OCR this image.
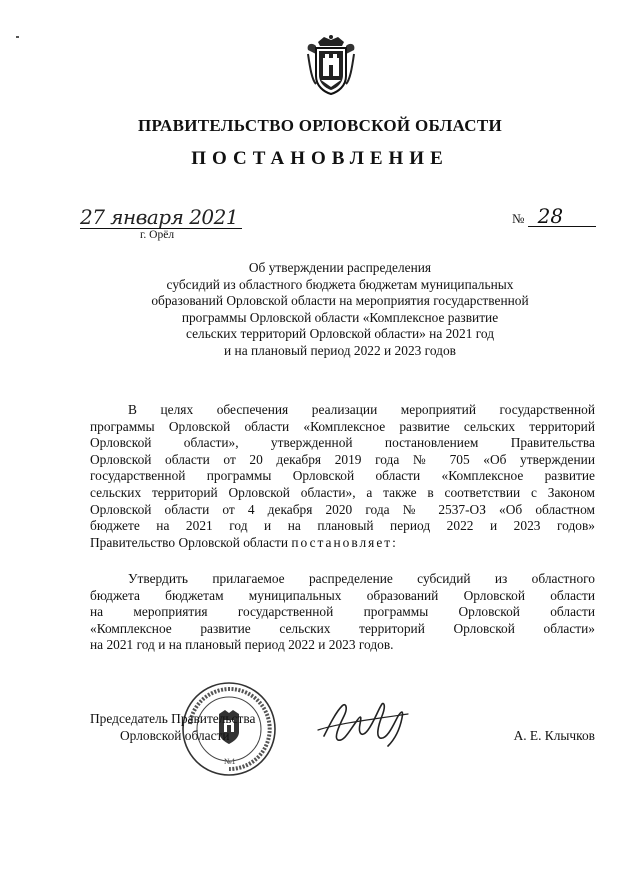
ПРАВИТЕЛЬСТВО ОРЛОВСКОЙ ОБЛАСТИ
ПОСТАНОВЛЕНИЕ
27 января 2021
г. Орёл
№ 28
Об утверждении распределения
субсидий из областного бюджета бюджетам муниципальных
образований Орловской области на мероприятия государственной
программы Орловской области «Комплексное развитие
сельских территорий Орловской области» на 2021 год
и на плановый период 2022 и 2023 годов
В целях обеспечения реализации мероприятий государственной
программы Орловской области «Комплексное развитие сельских территорий
Орловской области», утвержденной постановлением Правительства
Орловской области от 20 декабря 2019 года № 705 «Об утверждении
государственной программы Орловской области «Комплексное развитие
сельских территорий Орловской области», а также в соответствии с Законом
Орловской области от 4 декабря 2020 года № 2537-ОЗ «Об областном
бюджете на 2021 год и на плановый период 2022 и 2023 годов»
Правительство Орловской области постановляет:
Утвердить прилагаемое распределение субсидий из областного
бюджета бюджетам муниципальных образований Орловской области
на мероприятия государственной программы Орловской области
«Комплексное развитие сельских территорий Орловской области»
на 2021 год и на плановый период 2022 и 2023 годов.
№1
Председатель Правительства
Орловской области	А. Е. Клычков
